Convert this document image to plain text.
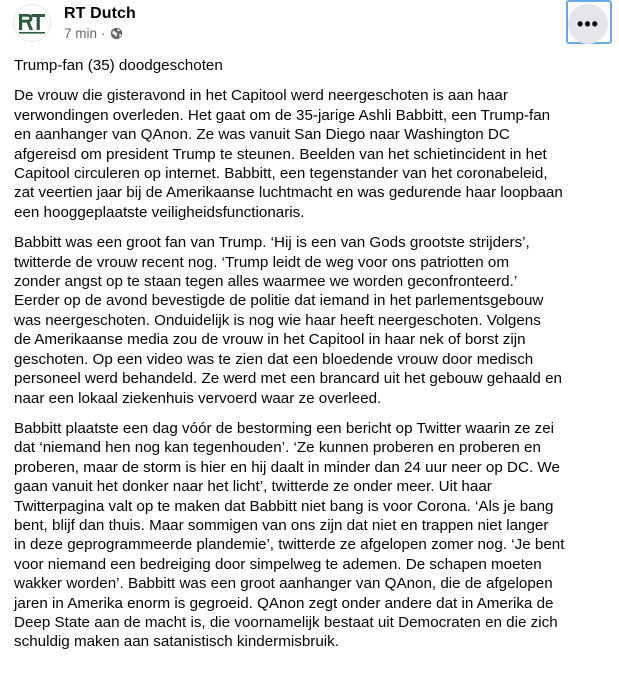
RT Dutch
7 min ·	•••

Trump-fan (35) doodgeschoten

De vrouw die gisteravond in het Capitool werd neergeschoten is aan haar
verwondingen overleden. Het gaat om de 35-jarige Ashli Babbitt, een Trump-fan
en aanhanger van QAnon. Ze was vanuit San Diego naar Washington DC
afgereisd om president Trump te steunen. Beelden van het schietincident in het
Capitool circuleren op internet. Babbitt, een tegenstander van het coronabeleid,
zat veertien jaar bij de Amerikaanse luchtmacht en was gedurende haar loopbaan
een hooggeplaatste veiligheidsfunctionaris.

Babbitt was een groot fan van Trump. ‘Hij is een van Gods grootste strijders’,
twitterde de vrouw recent nog. ‘Trump leidt de weg voor ons patriotten om
zonder angst op te staan tegen alles waarmee we worden geconfronteerd.’
Eerder op de avond bevestigde de politie dat iemand in het parlementsgebouw
was neergeschoten. Onduidelijk is nog wie haar heeft neergeschoten. Volgens
de Amerikaanse media zou de vrouw in het Capitool in haar nek of borst zijn
geschoten. Op een video was te zien dat een bloedende vrouw door medisch
personeel werd behandeld. Ze werd met een brancard uit het gebouw gehaald en
naar een lokaal ziekenhuis vervoerd waar ze overleed.

Babbitt plaatste een dag vóór de bestorming een bericht op Twitter waarin ze zei
dat ‘niemand hen nog kan tegenhouden’. ‘Ze kunnen proberen en proberen en
proberen, maar de storm is hier en hij daalt in minder dan 24 uur neer op DC. We
gaan vanuit het donker naar het licht’, twitterde ze onder meer. Uit haar
Twitterpagina valt op te maken dat Babbitt niet bang is voor Corona. ‘Als je bang
bent, blijf dan thuis. Maar sommigen van ons zijn dat niet en trappen niet langer
in deze geprogrammeerde plandemie’, twitterde ze afgelopen zomer nog. ‘Je bent
voor niemand een bedreiging door simpelweg te ademen. De schapen moeten
wakker worden’. Babbitt was een groot aanhanger van QAnon, die de afgelopen
jaren in Amerika enorm is gegroeid. QAnon zegt onder andere dat in Amerika de
Deep State aan de macht is, die voornamelijk bestaat uit Democraten en die zich
schuldig maken aan satanistisch kindermisbruik.
